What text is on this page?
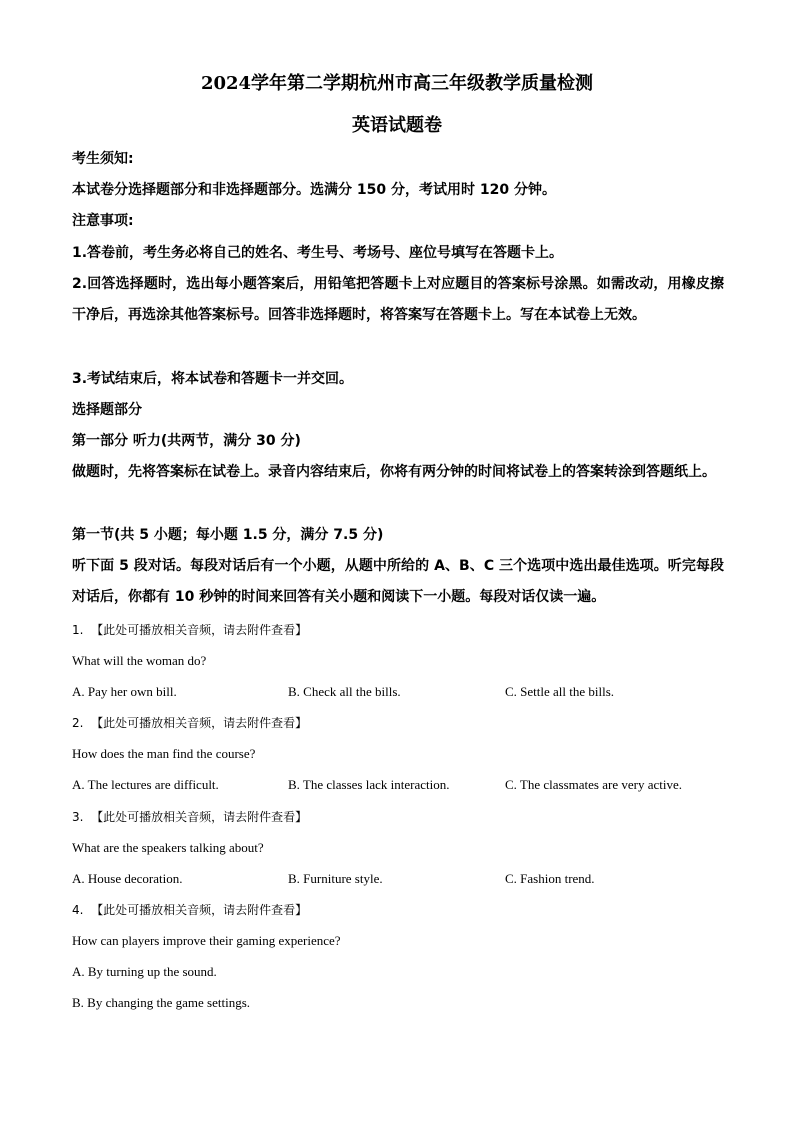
2024学年第二学期杭州市高三年级教学质量检测
英语试题卷
考生须知:
本试卷分选择题部分和非选择题部分。选满分 150 分，考试用时 120 分钟。
注意事项:
1.答卷前，考生务必将自己的姓名、考生号、考场号、座位号填写在答题卡上。
2.回答选择题时，选出每小题答案后，用铅笔把答题卡上对应题目的答案标号涂黑。如需改动，用橡皮擦干净后，再选涂其他答案标号。回答非选择题时，将答案写在答题卡上。写在本试卷上无效。
3.考试结束后，将本试卷和答题卡一并交回。
选择题部分
第一部分 听力(共两节，满分 30 分)
做题时，先将答案标在试卷上。录音内容结束后，你将有两分钟的时间将试卷上的答案转涂到答题纸上。
第一节(共 5 小题；每小题 1.5 分，满分 7.5 分)
听下面 5 段对话。每段对话后有一个小题，从题中所给的 A、B、C 三个选项中选出最佳选项。听完每段对话后，你都有 10 秒钟的时间来回答有关小题和阅读下一小题。每段对话仅读一遍。
1. 【此处可播放相关音频，请去附件查看】
What will the woman do?
A. Pay her own bill.	B. Check all the bills.	C. Settle all the bills.
2. 【此处可播放相关音频，请去附件查看】
How does the man find the course?
A. The lectures are difficult.	B. The classes lack interaction.	C. The classmates are very active.
3. 【此处可播放相关音频，请去附件查看】
What are the speakers talking about?
A. House decoration.	B. Furniture style.	C. Fashion trend.
4. 【此处可播放相关音频，请去附件查看】
How can players improve their gaming experience?
A. By turning up the sound.
B. By changing the game settings.
